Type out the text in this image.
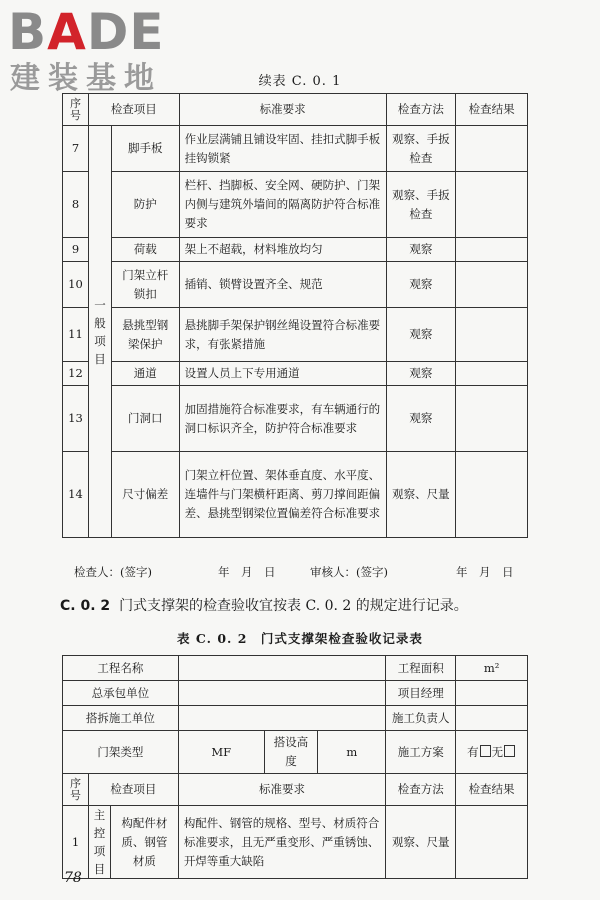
BADE
建装基地	续表 C. 0. 1
序号	检查项目		标准要求	检查方法	检查结果
7	一般项目	脚手板	作业层满铺且铺设牢固、挂扣式脚手板挂钩锁紧	观察、手扳检查	
8		防护	栏杆、挡脚板、安全网、硬防护、门架内侧与建筑外墙间的隔离防护符合标准要求	观察、手扳检查	
9		荷载	架上不超载，材料堆放均匀	观察	
10		门架立杆锁扣	插销、锁臂设置齐全、规范	观察	
11		悬挑型钢梁保护	悬挑脚手架保护钢丝绳设置符合标准要求，有张紧措施	观察	
12		通道	设置人员上下专用通道	观察	
13		门洞口	加固措施符合标准要求，有车辆通行的洞口标识齐全，防护符合标准要求	观察	
14		尺寸偏差	门架立杆位置、架体垂直度、水平度、连墙件与门架横杆距离、剪刀撑间距偏差、悬挑型钢梁位置偏差符合标准要求	观察、尺量	
检查人：(签字)	年　月　日	审核人：(签字)	年　月　日
C. 0. 2 门式支撑架的检查验收宜按表 C. 0. 2 的规定进行记录。
表 C. 0. 2　门式支撑架检查验收记录表
工程名称						工程面积	m²
总承包单位						项目经理	
搭拆施工单位						施工负责人	
门架类型			MF	搭设高度	m	施工方案	有 无
序号	检查项目		标准要求			检查方法	检查结果
1	主控项目	构配件材质、钢管材质	构配件、钢管的规格、型号、材质符合标准要求，且无严重变形、严重锈蚀、开焊等重大缺陷			观察、尺量	
78
